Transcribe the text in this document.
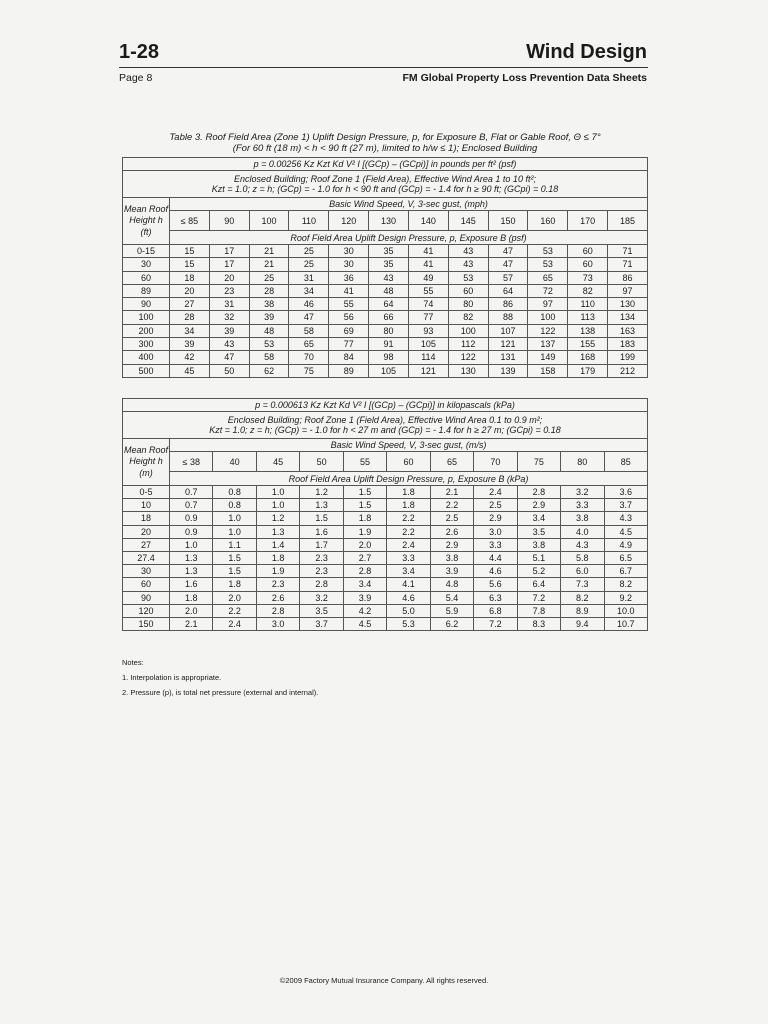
1-28	Wind Design
Page 8	FM Global Property Loss Prevention Data Sheets
Table 3. Roof Field Area (Zone 1) Uplift Design Pressure, p, for Exposure B, Flat or Gable Roof, Θ ≤ 7°
(For 60 ft (18 m) < h < 90 ft (27 m), limited to h/w ≤ 1); Enclosed Building
p = 0.00256 Kz Kzt Kd V² I [(GCp) – (GCpi)] in pounds per ft² (psf)												

Enclosed Building; Roof Zone 1 (Field Area), Effective Wind Area 1 to 10 ft²;
Kzt = 1.0; z = h; (GCp) = - 1.0 for h < 90 ft and (GCp) = - 1.4 for h ≥ 90 ft; (GCpi) = 0.18												

Mean Roof Height h (ft)	Basic Wind Speed, V, 3-sec gust, (mph)											
	≤ 85	90	100	110	120	130	140	145	150	160	170	185
	Roof Field Area Uplift Design Pressure, p, Exposure B (psf)											
0-15	15	17	21	25	30	35	41	43	47	53	60	71
30	15	17	21	25	30	35	41	43	47	53	60	71
60	18	20	25	31	36	43	49	53	57	65	73	86
89	20	23	28	34	41	48	55	60	64	72	82	97
90	27	31	38	46	55	64	74	80	86	97	110	130
100	28	32	39	47	56	66	77	82	88	100	113	134
200	34	39	48	58	69	80	93	100	107	122	138	163
300	39	43	53	65	77	91	105	112	121	137	155	183
400	42	47	58	70	84	98	114	122	131	149	168	199
500	45	50	62	75	89	105	121	130	139	158	179	212
p = 0.000613 Kz Kzt Kd V² I [(GCp) – (GCpi)] in kilopascals (kPa)											

Enclosed Building; Roof Zone 1 (Field Area), Effective Wind Area 0.1 to 0.9 m²;
Kzt = 1.0; z = h; (GCp) = - 1.0 for h < 27 m and (GCp) = - 1.4 for h ≥ 27 m; (GCpi) = 0.18											

Mean Roof Height h (m)	Basic Wind Speed, V, 3-sec gust, (m/s)										
	≤ 38	40	45	50	55	60	65	70	75	80	85
	Roof Field Area Uplift Design Pressure, p, Exposure B (kPa)										
0-5	0.7	0.8	1.0	1.2	1.5	1.8	2.1	2.4	2.8	3.2	3.6
10	0.7	0.8	1.0	1.3	1.5	1.8	2.2	2.5	2.9	3.3	3.7
18	0.9	1.0	1.2	1.5	1.8	2.2	2.5	2.9	3.4	3.8	4.3
20	0.9	1.0	1.3	1.6	1.9	2.2	2.6	3.0	3.5	4.0	4.5
27	1.0	1.1	1.4	1.7	2.0	2.4	2.9	3.3	3.8	4.3	4.9
27.4	1.3	1.5	1.8	2.3	2.7	3.3	3.8	4.4	5.1	5.8	6.5
30	1.3	1.5	1.9	2.3	2.8	3.4	3.9	4.6	5.2	6.0	6.7
60	1.6	1.8	2.3	2.8	3.4	4.1	4.8	5.6	6.4	7.3	8.2
90	1.8	2.0	2.6	3.2	3.9	4.6	5.4	6.3	7.2	8.2	9.2
120	2.0	2.2	2.8	3.5	4.2	5.0	5.9	6.8	7.8	8.9	10.0
150	2.1	2.4	3.0	3.7	4.5	5.3	6.2	7.2	8.3	9.4	10.7
Notes:
1. Interpolation is appropriate.
2. Pressure (p), is total net pressure (external and internal).
©2009 Factory Mutual Insurance Company. All rights reserved.
